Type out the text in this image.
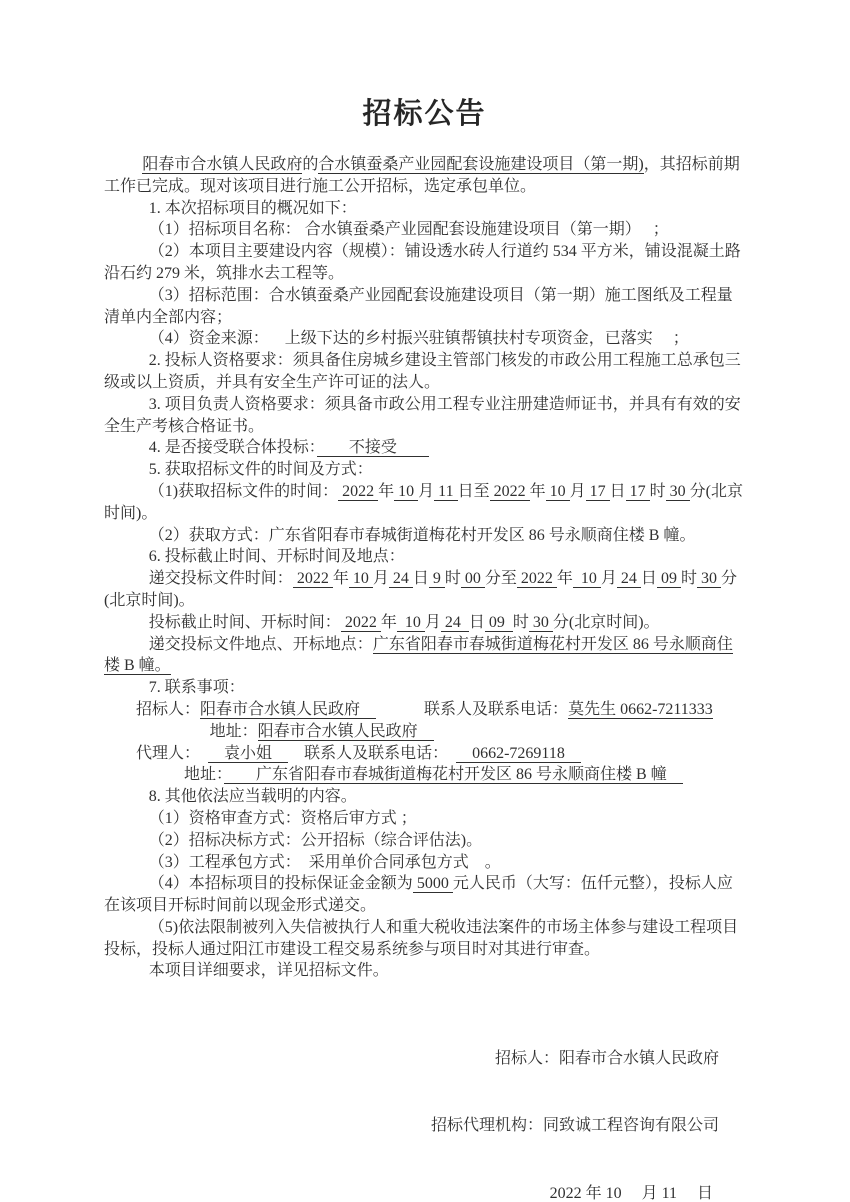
招标公告

阳春市合水镇人民政府的合水镇蚕桑产业园配套设施建设项目（第一期)，其招标前期工作已完成。现对该项目进行施工公开招标，选定承包单位。

1. 本次招标项目的概况如下：

（1）招标项目名称： 合水镇蚕桑产业园配套设施建设项目（第一期）　 ；

（2）本项目主要建设内容（规模）：铺设透水砖人行道约 534 平方米，铺设混凝土路沿石约 279 米，筑排水去工程等。

（3）招标范围：合水镇蚕桑产业园配套设施建设项目（第一期）施工图纸及工程量清单内全部内容；

（4）资金来源：　  上级下达的乡村振兴驻镇帮镇扶村专项资金，已落实　 ；

2. 投标人资格要求：须具备住房城乡建设主管部门核发的市政公用工程施工总承包三级或以上资质，并具有安全生产许可证的法人。

3. 项目负责人资格要求：须具备市政公用工程专业注册建造师证书，并具有有效的安全生产考核合格证书。

4. 是否接受联合体投标：　　不接受　　

5. 获取招标文件的时间及方式：

（1)获取招标文件的时间： 2022 年 10 月 11 日至 2022 年 10 月 17 日 17 时 30 分(北京时间)。

（2）获取方式：广东省阳春市春城街道梅花村开发区 86 号永顺商住楼 B 幢。

6. 投标截止时间、开标时间及地点：

递交投标文件时间： 2022 年 10 月 24 日 9 时 00 分至 2022 年  10 月 24 日 09 时 30 分(北京时间)。

投标截止时间、开标时间： 2022 年  10 月 24  日 09  时 30 分(北京时间)。

递交投标文件地点、开标地点：广东省阳春市春城街道梅花村开发区 86 号永顺商住楼 B 幢。

7. 联系事项：

招标人：阳春市合水镇人民政府　　　　	联系人及联系电话：莫先生 0662-7211333

地址：阳春市合水镇人民政府　

代理人：　　袁小姐　　联系人及联系电话：　　0662-7269118　

地址：　　广东省阳春市春城街道梅花村开发区 86 号永顺商住楼 B 幢　

8. 其他依法应当载明的内容。

（1）资格审查方式：资格后审方式 ；

（2）招标决标方式：公开招标（综合评估法)。

（3）工程承包方式：　采用单价合同承包方式　。

（4）本招标项目的投标保证金金额为 5000 元人民币（大写：伍仟元整），投标人应在该项目开标时间前以现金形式递交。

（5)依法限制被列入失信被执行人和重大税收违法案件的市场主体参与建设工程项目投标，投标人通过阳江市建设工程交易系统参与项目时对其进行审查。

本项目详细要求，详见招标文件。

招标人：阳春市合水镇人民政府

招标代理机构：同致诚工程咨询有限公司

2022 年 10 　月 11 　日
